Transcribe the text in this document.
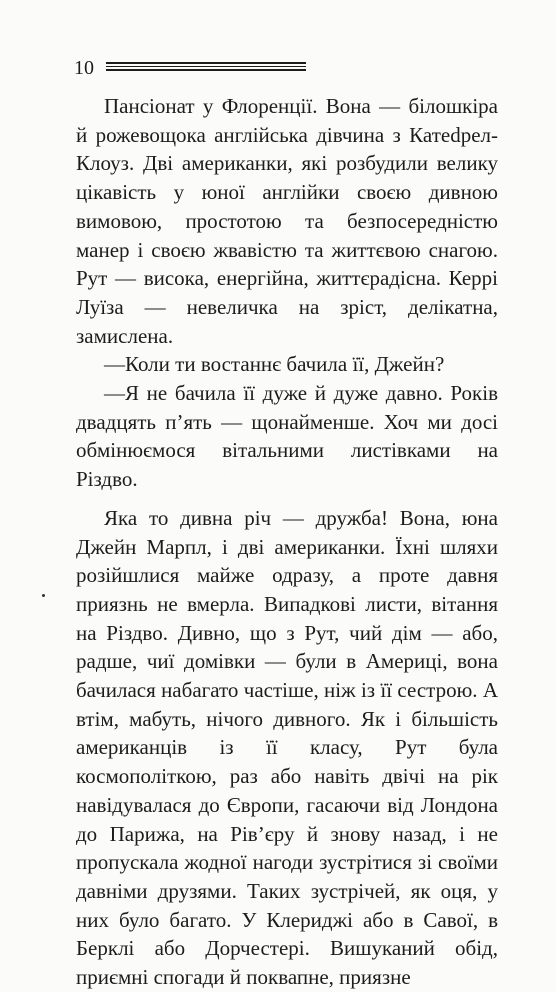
10

Пансіонат у Флоренції. Вона — білошкіра й рожевощока англійська дівчина з Катеdрел-Клоуз. Дві американки, які розбудили велику цікавість у юної англійки своєю дивною вимовою, простотою та безпосередністю манер і своєю жвавістю та життєвою снагою. Рут — висока, енергійна, життєрадісна. Керрі Луїза — невеличка на зріст, делікатна, замислена.

—Коли ти востаннє бачила її, Джейн?

—Я не бачила її дуже й дуже давно. Років двадцять п’ять — щонайменше. Хоч ми досі обмінюємося вітальними листівками на Різдво.

Яка то дивна річ — дружба! Вона, юна Джейн Марпл, і дві американки. Їхні шляхи розійшлися майже одразу, а проте давня приязнь не вмерла. Випадкові листи, вітання на Різдво. Дивно, що з Рут, чий дім — або, радше, чиї домівки — були в Америці, вона бачилася набагато частіше, ніж із її сестрою. А втім, мабуть, нічого дивного. Як і більшість американців із її класу, Рут була космополіткою, раз або навіть двічі на рік навідувалася до Європи, гасаючи від Лондона до Парижа, на Рів’єру й знову назад, і не пропускала жодної нагоди зустрітися зі своїми давніми друзями. Таких зустрічей, як оця, у них було багато. У Клериджі або в Савої, в Берклі або Дорчестері. Вишуканий обід, приємні спогади й поквапне, приязне
